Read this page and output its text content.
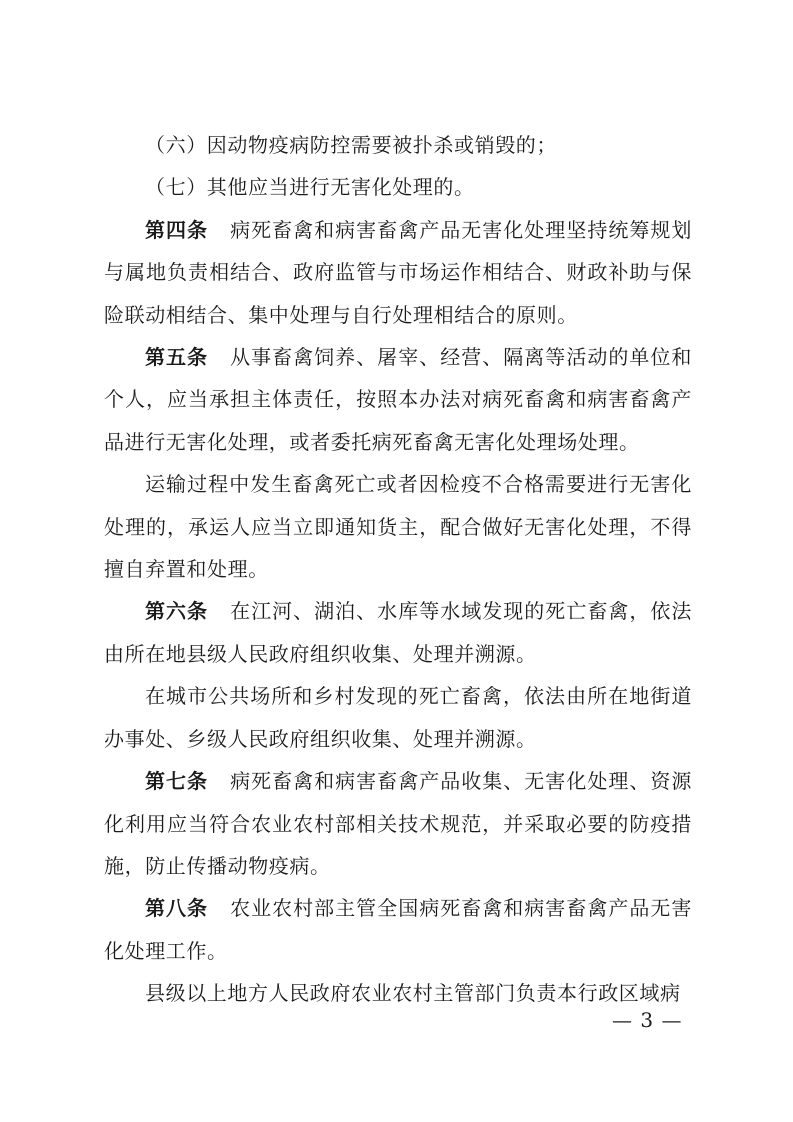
（六）因动物疫病防控需要被扑杀或销毁的；

（七）其他应当进行无害化处理的。

第四条 病死畜禽和病害畜禽产品无害化处理坚持统筹规划与属地负责相结合、政府监管与市场运作相结合、财政补助与保险联动相结合、集中处理与自行处理相结合的原则。

第五条 从事畜禽饲养、屠宰、经营、隔离等活动的单位和个人，应当承担主体责任，按照本办法对病死畜禽和病害畜禽产品进行无害化处理，或者委托病死畜禽无害化处理场处理。

运输过程中发生畜禽死亡或者因检疫不合格需要进行无害化处理的，承运人应当立即通知货主，配合做好无害化处理，不得擅自弃置和处理。

第六条 在江河、湖泊、水库等水域发现的死亡畜禽，依法由所在地县级人民政府组织收集、处理并溯源。

在城市公共场所和乡村发现的死亡畜禽，依法由所在地街道办事处、乡级人民政府组织收集、处理并溯源。

第七条 病死畜禽和病害畜禽产品收集、无害化处理、资源化利用应当符合农业农村部相关技术规范，并采取必要的防疫措施，防止传播动物疫病。

第八条 农业农村部主管全国病死畜禽和病害畜禽产品无害化处理工作。

县级以上地方人民政府农业农村主管部门负责本行政区域病

— 3 —
